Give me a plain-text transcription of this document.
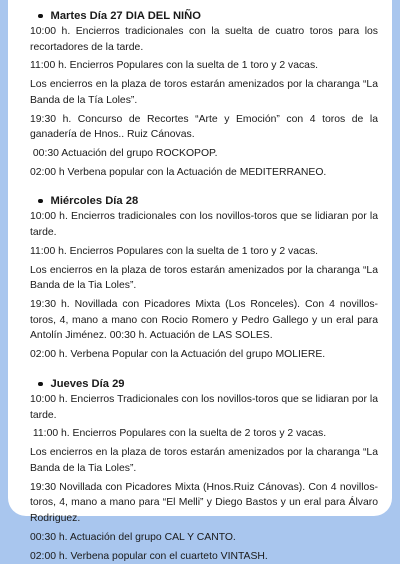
Martes Día 27 DIA DEL NIÑO

10:00 h. Encierros tradicionales con la suelta de cuatro toros para los recortadores de la tarde.

11:00 h. Encierros Populares con la suelta de 1 toro y 2 vacas.

Los encierros en la plaza de toros estarán amenizados por la charanga “La Banda de la Tía Loles”.

19:30 h. Concurso de Recortes “Arte y Emoción” con 4 toros de la ganadería de Hnos.. Ruiz Cánovas.

00:30 Actuación del grupo ROCKOPOP.

02:00 h Verbena popular con la Actuación de MEDITERRANEO.

Miércoles Día 28

10:00 h. Encierros tradicionales con los novillos-toros que se lidiaran por la tarde.

11:00 h. Encierros Populares con la suelta de 1 toro y 2 vacas.

Los encierros en la plaza de toros estarán amenizados por la charanga “La Banda de la Tia Loles”.

19:30 h. Novillada con Picadores Mixta (Los Ronceles). Con 4 novillos-toros, 4, mano a mano con Rocio Romero y Pedro Gallego y un eral para Antolín Jiménez. 00:30 h. Actuación de LAS SOLES.

02:00 h. Verbena Popular con la Actuación del grupo MOLIERE.

Jueves Día 29

10:00 h. Encierros Tradicionales con los novillos-toros que se lidiaran por la tarde.

11:00 h. Encierros Populares con la suelta de 2 toros y 2 vacas.

Los encierros en la plaza de toros estarán amenizados por la charanga “La Banda de la Tia Loles”.

19:30 Novillada con Picadores Mixta (Hnos.Ruiz Cánovas). Con 4 novillos-toros, 4, mano a mano para “El Melli” y Diego Bastos y un eral para Álvaro Rodriguez.

00:30 h. Actuación del grupo CAL Y CANTO.

02:00 h. Verbena popular con el cuarteto VINTASH.
